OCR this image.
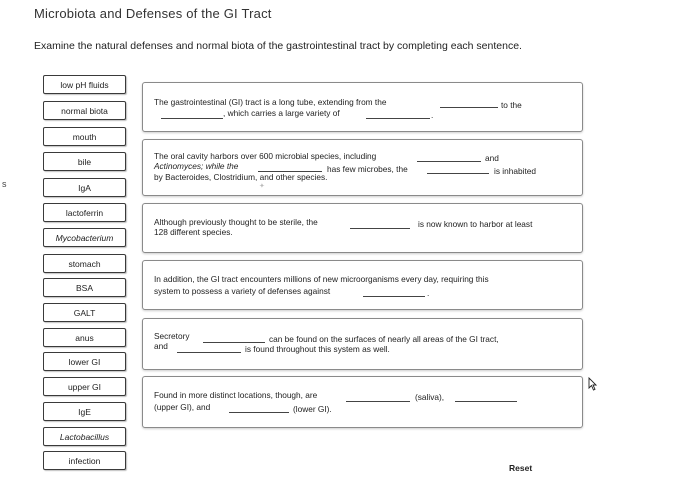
Microbiota and Defenses of the GI Tract
Examine the natural defenses and normal biota of the gastrointestinal tract by completing each sentence.
s
low pH fluids
normal biota
mouth
bile
IgA
lactoferrin
Mycobacterium
stomach
BSA
GALT
anus
lower GI
upper GI
IgE
Lactobacillus
infection
The gastrointestinal (GI) tract is a long tube, extending from the	to the
, which carries a large variety of	.
The oral cavity harbors over 600 microbial species, including	and
Actinomyces; while the	has few microbes, the	is inhabited
by Bacteroides, Clostridium, and other species.
Although previously thought to be sterile, the	is now known to harbor at least
128 different species.
In addition, the GI tract encounters millions of new microorganisms every day, requiring this
system to possess a variety of defenses against	.
Secretory	can be found on the surfaces of nearly all areas of the GI tract,
and	is found throughout this system as well.
Found in more distinct locations, though, are	(saliva),
(upper GI), and	(lower GI).
Reset
✦
